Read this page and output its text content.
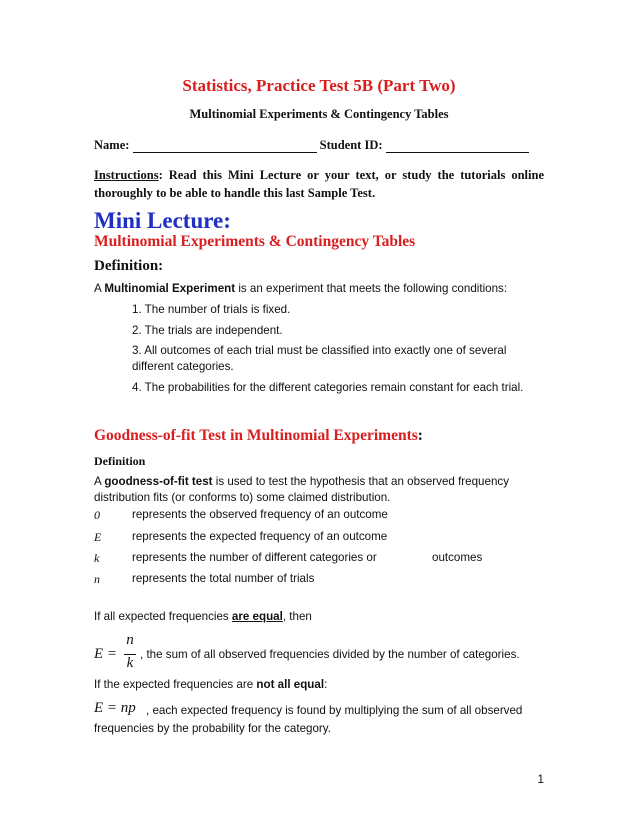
Statistics, Practice Test 5B (Part Two)
Multinomial Experiments & Contingency Tables
Name:	Student ID:
Instructions: Read this Mini Lecture or your text, or study the tutorials online thoroughly to be able to handle this last Sample Test.
Mini Lecture:
Multinomial Experiments & Contingency Tables
Definition:
A Multinomial Experiment is an experiment that meets the following conditions:
1. The number of trials is fixed.
2. The trials are independent.
3. All outcomes of each trial must be classified into exactly one of several
different categories.
4. The probabilities for the different categories remain constant for each trial.
Goodness-of-fit Test in Multinomial Experiments:
Definition
A goodness-of-fit test is used to test the hypothesis that an observed frequency
distribution fits (or conforms to) some claimed distribution.
0	represents the observed frequency of an outcome
E	represents the expected frequency of an outcome
k	represents the number of different categories or	outcomes
n	represents the total number of trials
If all expected frequencies are equal, then
E =
n
k
, the sum of all observed frequencies divided by the number of categories.
If the expected frequencies are not all equal:
E = np , each expected frequency is found by multiplying the sum of all observed
frequencies by the probability for the category.
1
